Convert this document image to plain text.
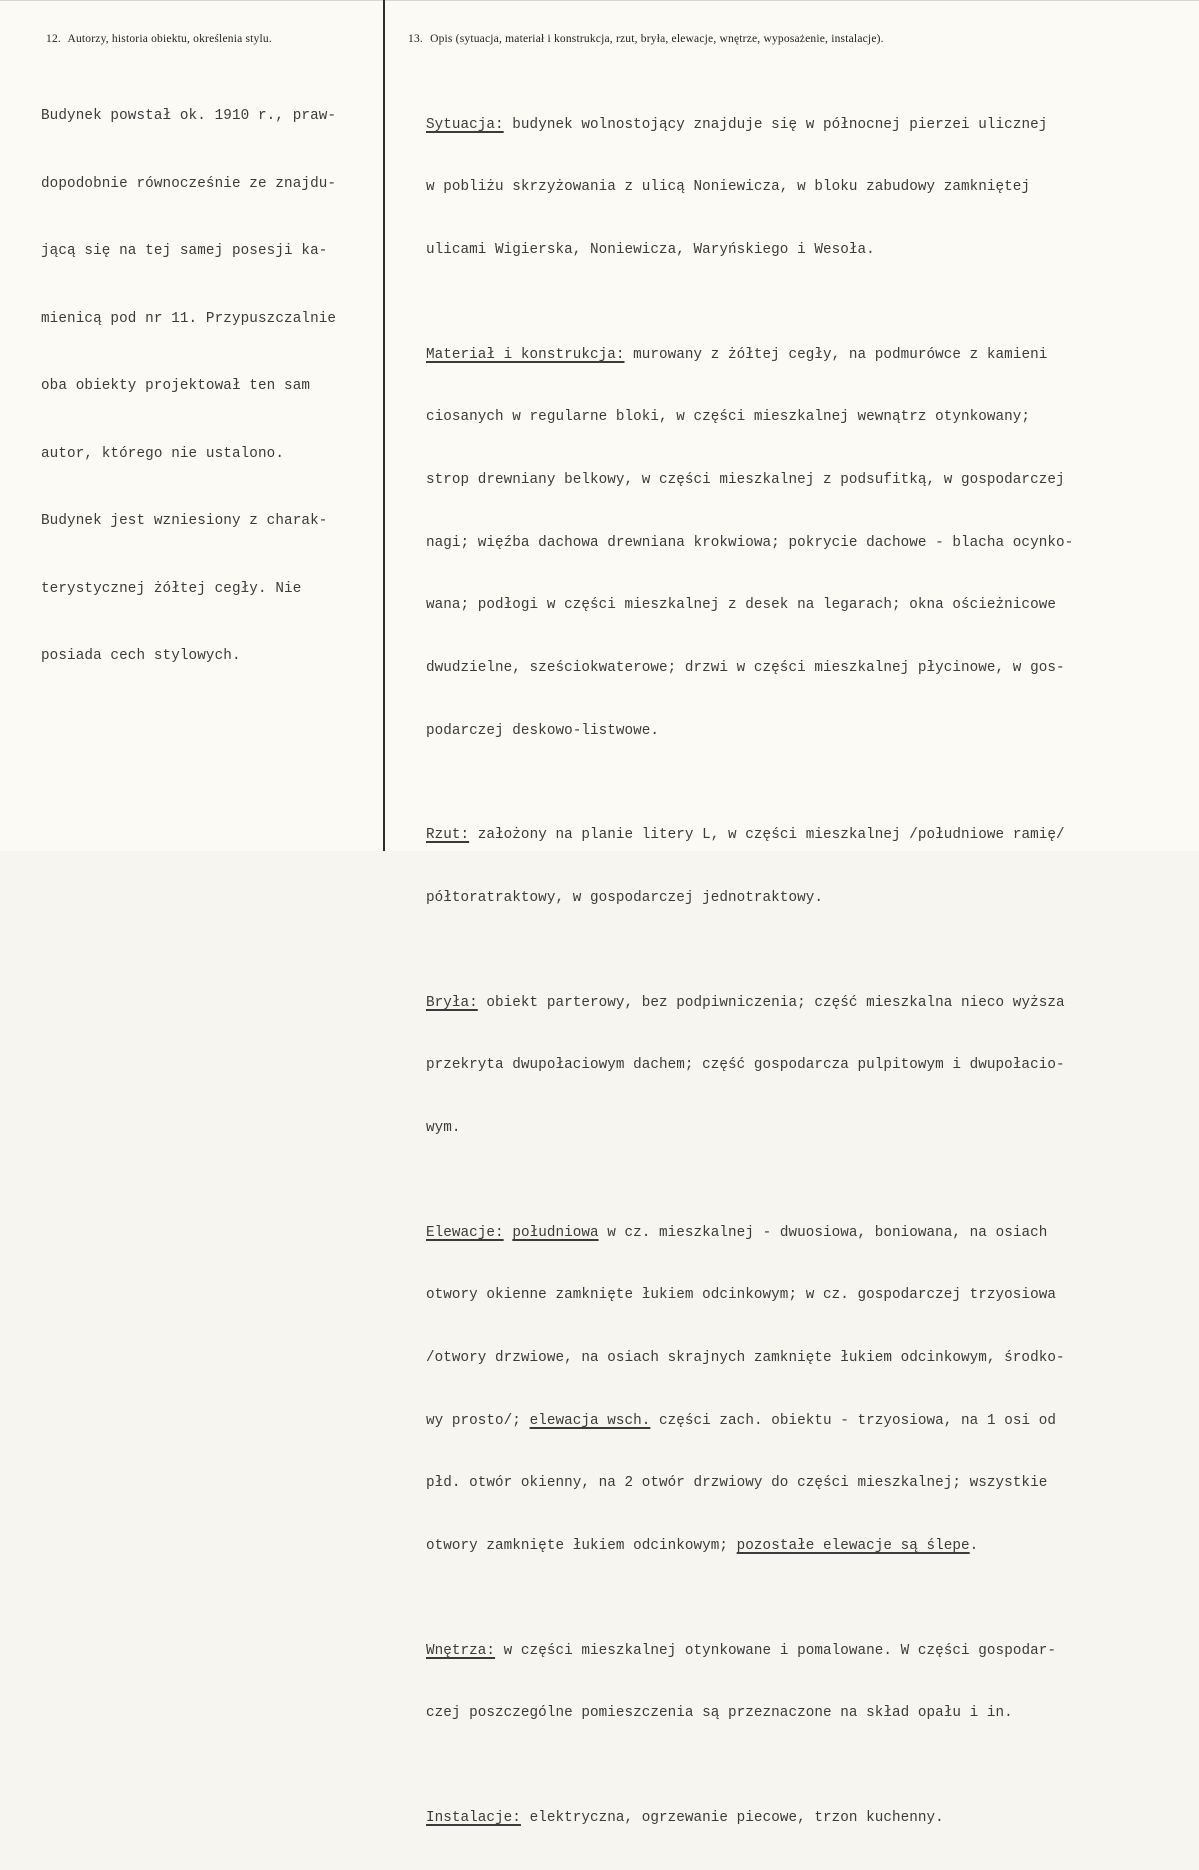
12. Autorzy, historia obiektu, określenia stylu.	13. Opis (sytuacja, materiał i konstrukcja, rzut, bryła, elewacje, wnętrze, wyposażenie, instalacje).

Budynek powstał ok. 1910 r., praw-

dopodobnie równocześnie ze znajdu-

jącą się na tej samej posesji ka-

mienicą pod nr 11. Przypuszczalnie

oba obiekty projektował ten sam

autor, którego nie ustalono.

Budynek jest wzniesiony z charak-

terystycznej żółtej cegły. Nie

posiada cech stylowych.

Sytuacja: budynek wolnostojący znajduje się w północnej pierzei ulicznej

w pobliżu skrzyżowania z ulicą Noniewicza, w bloku zabudowy zamkniętej

ulicami Wigierska, Noniewicza, Waryńskiego i Wesoła.

Materiał i konstrukcja: murowany z żółtej cegły, na podmurówce z kamieni

ciosanych w regularne bloki, w części mieszkalnej wewnątrz otynkowany;

strop drewniany belkowy, w części mieszkalnej z podsufitką, w gospodarczej

nagi; więźba dachowa drewniana krokwiowa; pokrycie dachowe - blacha ocynko-

wana; podłogi w części mieszkalnej z desek na legarach; okna ościeżnicowe

dwudzielne, sześciokwaterowe; drzwi w części mieszkalnej płycinowe, w gos-

podarczej deskowo-listwowe.

Rzut: założony na planie litery L, w części mieszkalnej /południowe ramię/

półtoratraktowy, w gospodarczej jednotraktowy.

Bryła: obiekt parterowy, bez podpiwniczenia; część mieszkalna nieco wyższa

przekryta dwupołaciowym dachem; część gospodarcza pulpitowym i dwupołacio-

wym.

Elewacje: południowa w cz. mieszkalnej - dwuosiowa, boniowana, na osiach

otwory okienne zamknięte łukiem odcinkowym; w cz. gospodarczej trzyosiowa

/otwory drzwiowe, na osiach skrajnych zamknięte łukiem odcinkowym, środko-

wy prosto/; elewacja wsch. części zach. obiektu - trzyosiowa, na 1 osi od

płd. otwór okienny, na 2 otwór drzwiowy do części mieszkalnej; wszystkie

otwory zamknięte łukiem odcinkowym; pozostałe elewacje są ślepe.

Wnętrza: w części mieszkalnej otynkowane i pomalowane. W części gospodar-

czej poszczególne pomieszczenia są przeznaczone na skład opału i in.

Instalacje: elektryczna, ogrzewanie piecowe, trzon kuchenny.
